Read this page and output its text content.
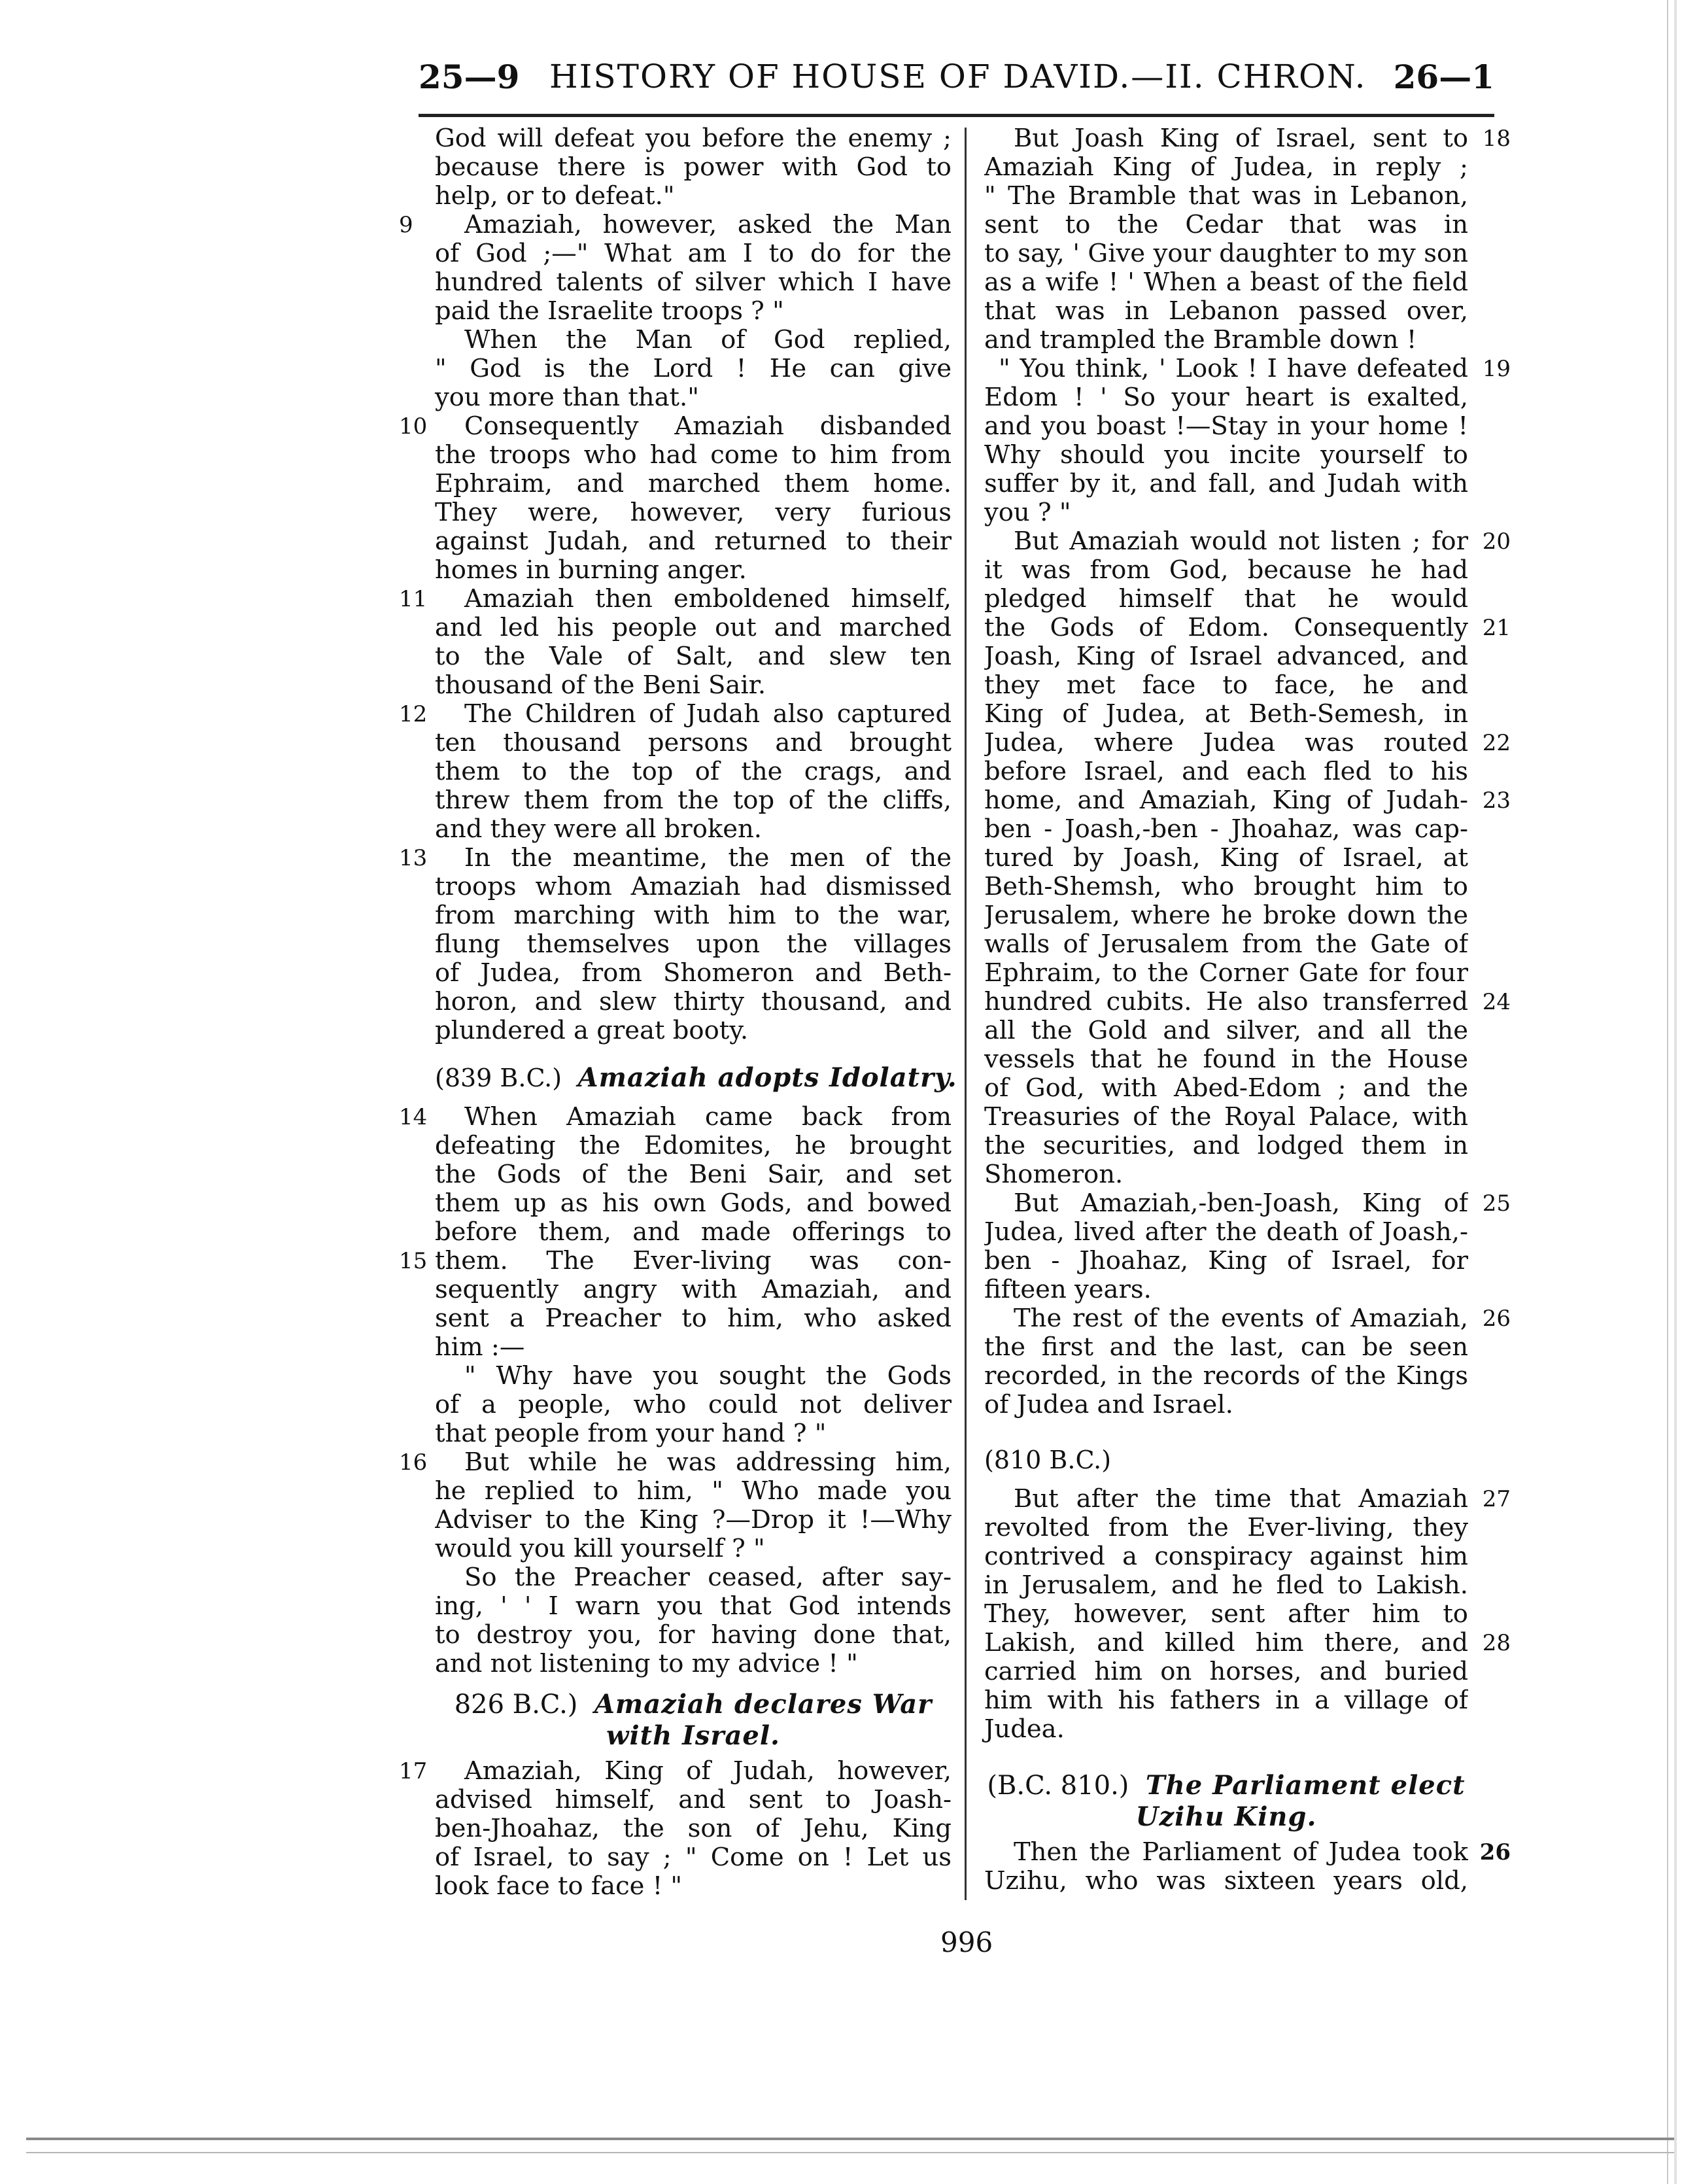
25—9 HISTORY OF HOUSE OF DAVID.—II. CHRON. 26—1
God will defeat you before the enemy ;
because there is power with God to
help, or to defeat."
9	Amaziah, however, asked the Man
of God ;—" What am I to do for the
hundred talents of silver which I have
paid the Israelite troops ? "
When the Man of God replied,
" God is the Lord ! He can give
you more than that."
10	Consequently Amaziah disbanded
the troops who had come to him from
Ephraim, and marched them home.
They were, however, very furious
against Judah, and returned to their
homes in burning anger.
11	Amaziah then emboldened himself,
and led his people out and marched
to the Vale of Salt, and slew ten
thousand of the Beni Sair.
12	The Children of Judah also captured
ten thousand persons and brought
them to the top of the crags, and
threw them from the top of the cliffs,
and they were all broken.
13	In the meantime, the men of the
troops whom Amaziah had dismissed
from marching with him to the war,
flung themselves upon the villages
of Judea, from Shomeron and Beth-
horon, and slew thirty thousand, and
plundered a great booty.
(839 B.C.) Amaziah adopts Idolatry.
14
15
When Amaziah came back from
defeating the Edomites, he brought
the Gods of the Beni Sair, and set
them up as his own Gods, and bowed
before them, and made offerings to
them. The Ever-living was con-
sequently angry with Amaziah, and
sent a Preacher to him, who asked
him :—
" Why have you sought the Gods
of a people, who could not deliver
that people from your hand ? "
16	But while he was addressing him,
he replied to him, " Who made you
Adviser to the King ?—Drop it !—Why
would you kill yourself ? "
So the Preacher ceased, after say-
ing, ' ' I warn you that God intends
to destroy you, for having done that,
and not listening to my advice ! "
826 B.C.) Amaziah declares War
with Israel.
17	Amaziah, King of Judah, however,
advised himself, and sent to Joash-
ben-Jhoahaz, the son of Jehu, King
of Israel, to say ; " Come on ! Let us
look face to face ! "
18
But Joash King of Israel, sent to
Amaziah King of Judea, in reply ;
" The Bramble that was in Lebanon,
sent to the Cedar that was in
to say, ' Give your daughter to my son
as a wife ! ' When a beast of the field
that was in Lebanon passed over,
and trampled the Bramble down !
19
" You think, ' Look ! I have defeated
Edom ! ' So your heart is exalted,
and you boast !—Stay in your home !
Why should you incite yourself to
suffer by it, and fall, and Judah with
you ? "
20
21
22
23
24
But Amaziah would not listen ; for
it was from God, because he had
pledged himself that he would
the Gods of Edom. Consequently
Joash, King of Israel advanced, and
they met face to face, he and
King of Judea, at Beth-Semesh, in
Judea, where Judea was routed
before Israel, and each fled to his
home, and Amaziah, King of Judah-
ben - Joash,-ben - Jhoahaz, was cap-
tured by Joash, King of Israel, at
Beth-Shemsh, who brought him to
Jerusalem, where he broke down the
walls of Jerusalem from the Gate of
Ephraim, to the Corner Gate for four
hundred cubits. He also transferred
all the Gold and silver, and all the
vessels that he found in the House
of God, with Abed-Edom ; and the
Treasuries of the Royal Palace, with
the securities, and lodged them in
Shomeron.
25
But Amaziah,-ben-Joash, King of
Judea, lived after the death of Joash,-
ben - Jhoahaz, King of Israel, for
fifteen years.
26
The rest of the events of Amaziah,
the first and the last, can be seen
recorded, in the records of the Kings
of Judea and Israel.
(810 B.C.)
27
28
But after the time that Amaziah
revolted from the Ever-living, they
contrived a conspiracy against him
in Jerusalem, and he fled to Lakish.
They, however, sent after him to
Lakish, and killed him there, and
carried him on horses, and buried
him with his fathers in a village of
Judea.
(B.C. 810.) The Parliament elect
Uzihu King.
26
Then the Parliament of Judea took
Uzihu, who was sixteen years old,
996
